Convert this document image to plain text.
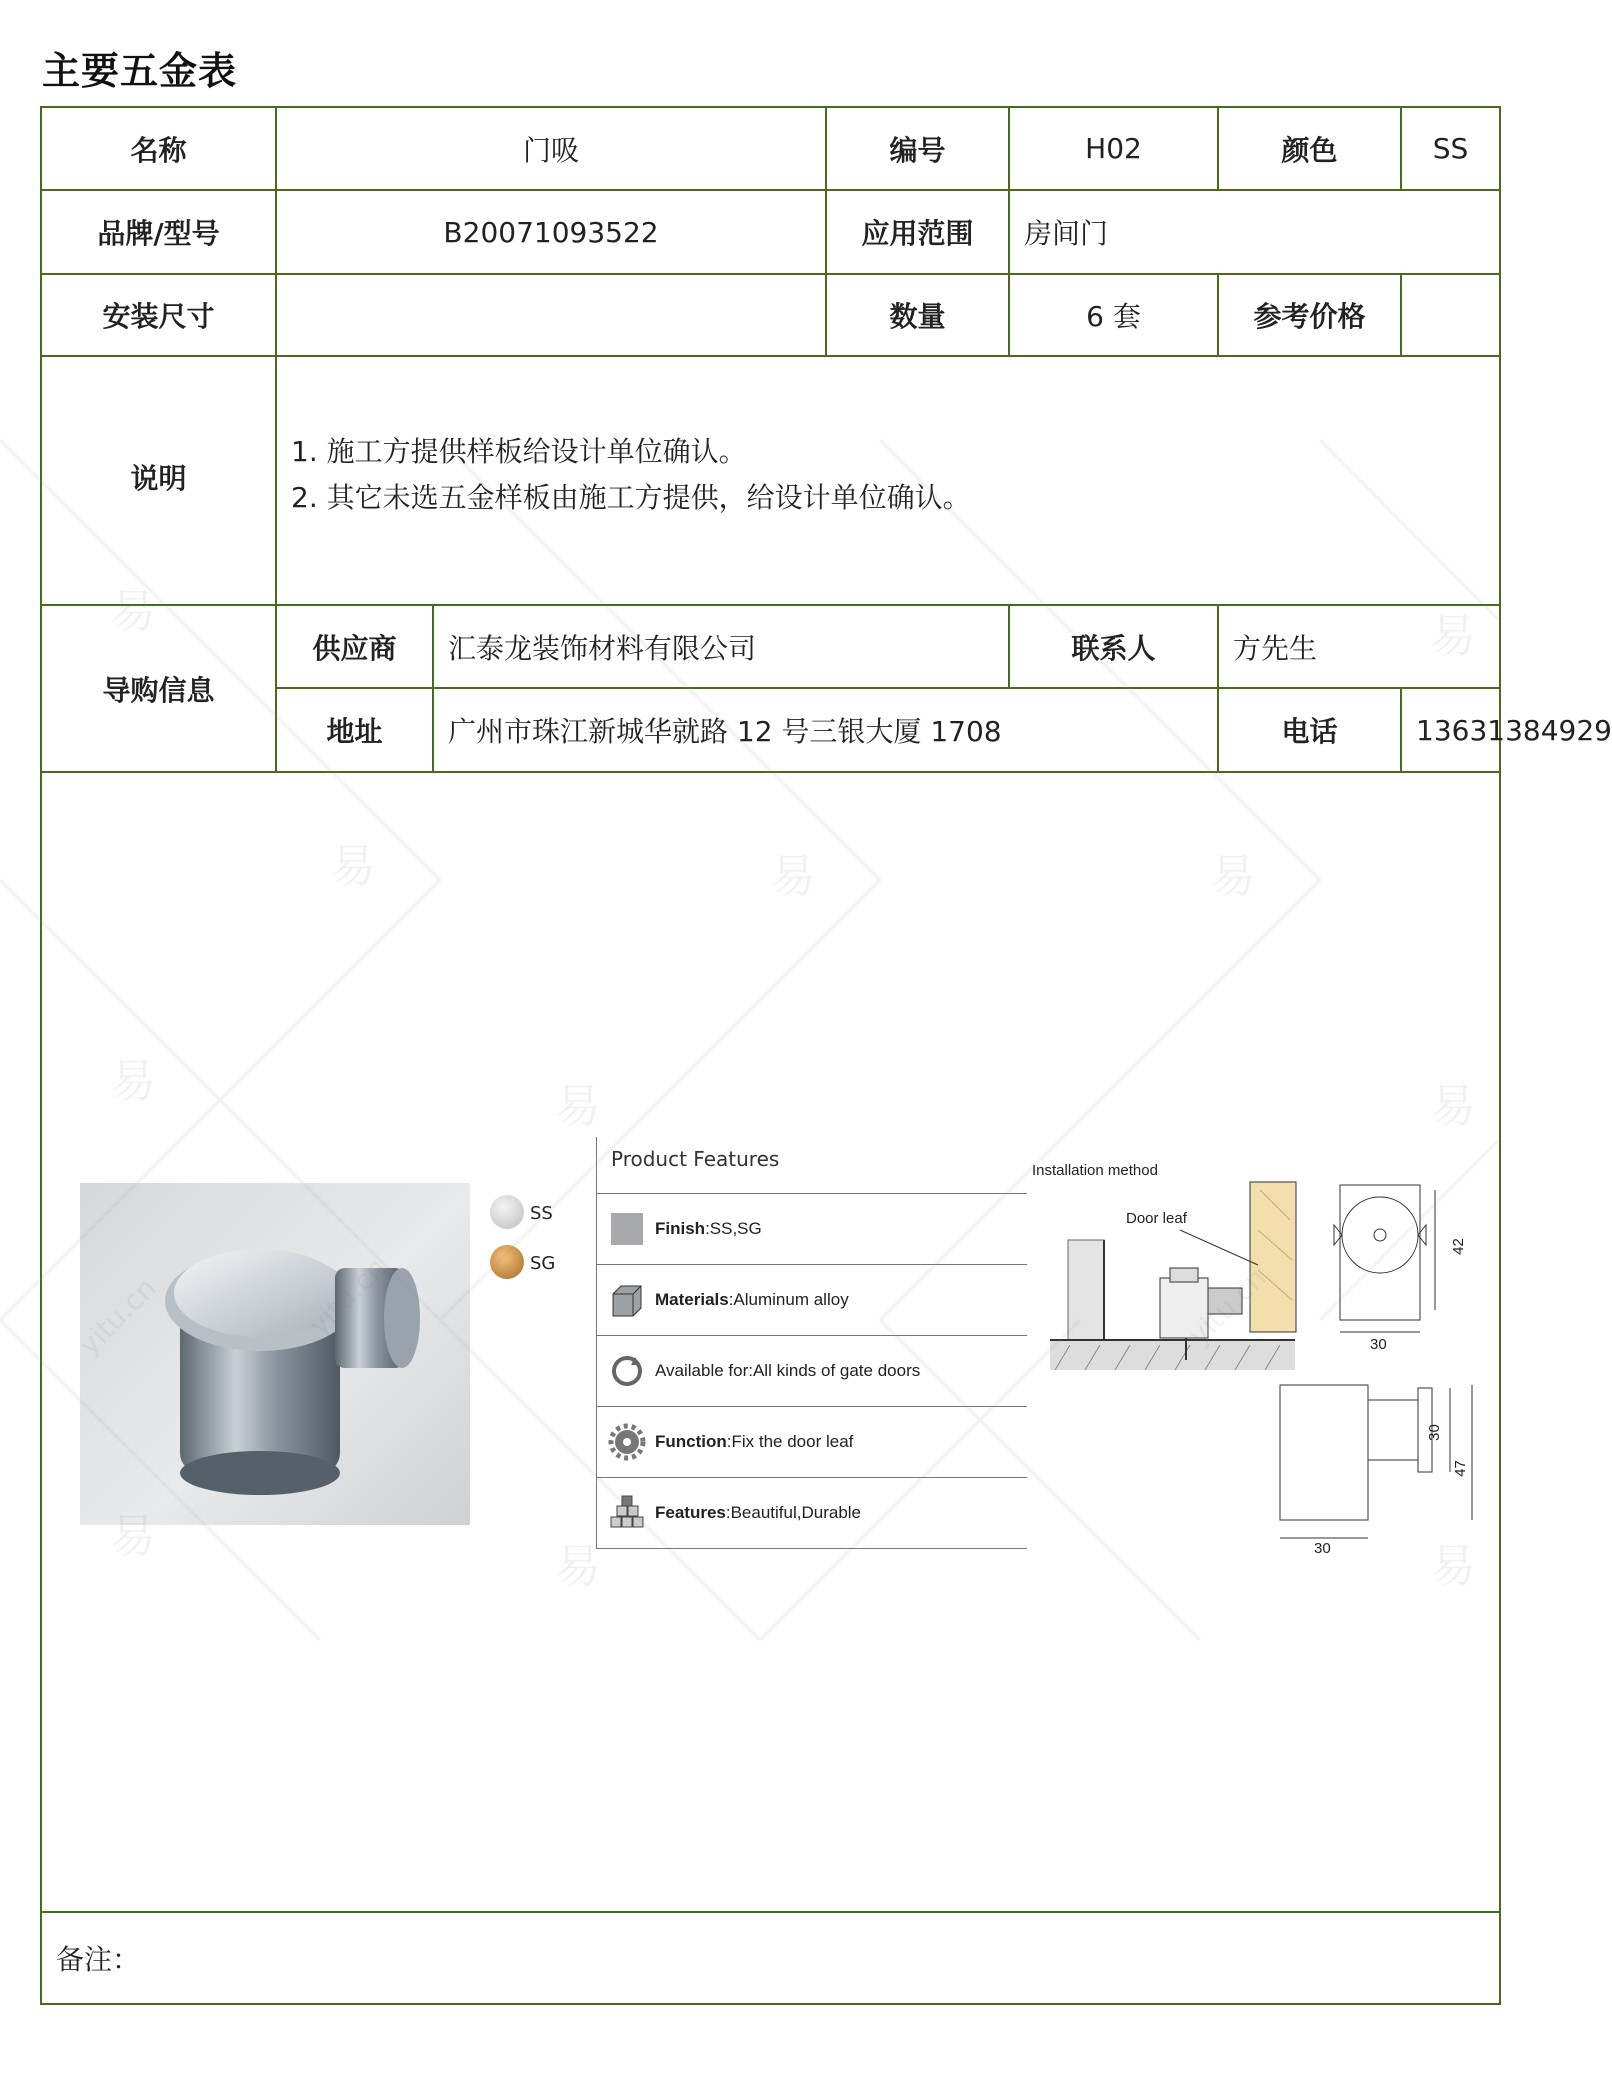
主要五金表
名称	门吸		编号	H02	颜色	SS
品牌/型号	B20071093522		应用范围	房间门		
安装尺寸			数量	6 套	参考价格	
说明	1. 施工方提供样板给设计单位确认。
2. 其它未选五金样板由施工方提供，给设计单位确认。					

导购信息	供应商	汇泰龙装饰材料有限公司		联系人	方先生	
	地址	广州市珠江新城华就路 12 号三银大厦 1708			电话	13631384929

备注：						
SS
SG
Product Features
Finish:SS,SG
Materials:Aluminum alloy
Available for:All kinds of gate doors
Function:Fix the door leaf
Features:Beautiful,Durable
Installation method
Door leaf
42
30
30
47
30
易	易
易	易	易
易	易	易
易
易	易
